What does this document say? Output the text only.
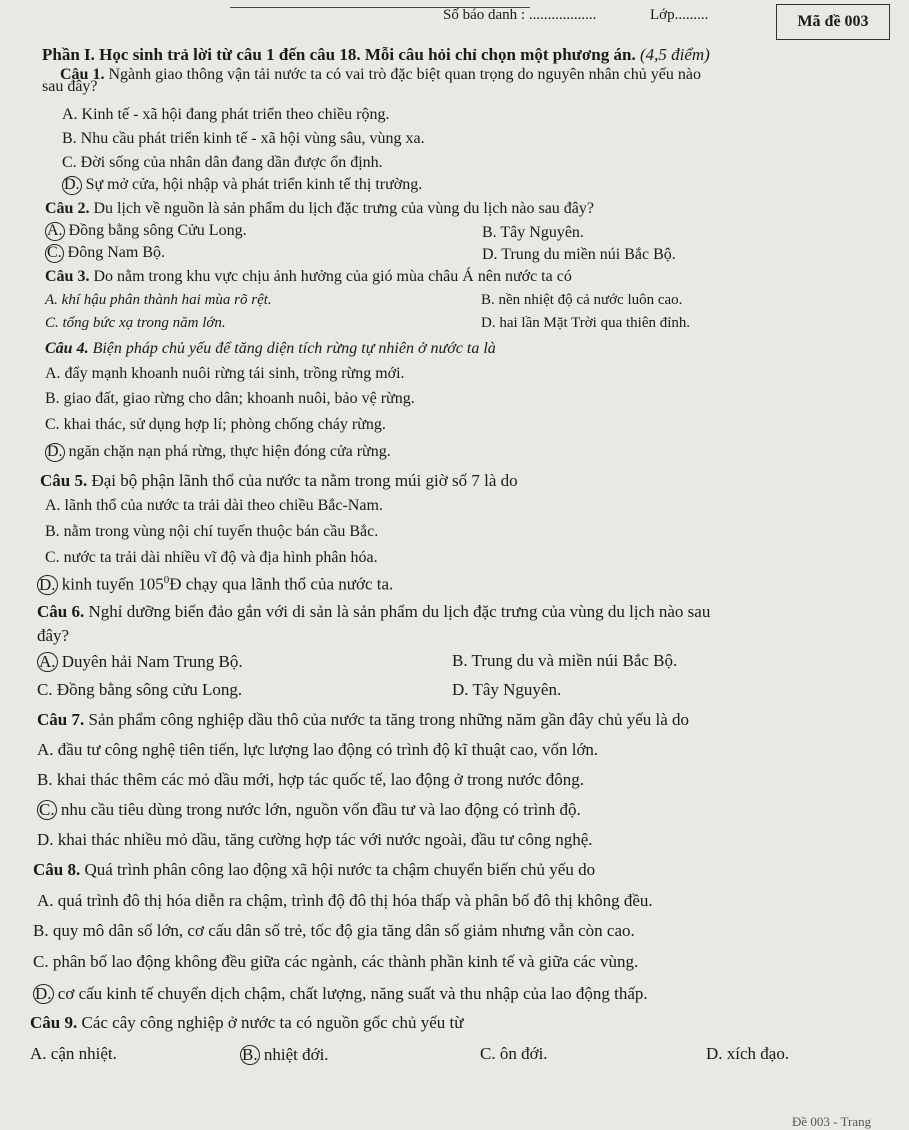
Số báo danh : ..................	Lớp.........	Mã đề 003
Phần I. Học sinh trả lời từ câu 1 đến câu 18. Mỗi câu hỏi chỉ chọn một phương án. (4,5 điểm)
Câu 1. Ngành giao thông vận tải nước ta có vai trò đặc biệt quan trọng do nguyên nhân chủ yếu nào
sau đây?
A. Kinh tế - xã hội đang phát triển theo chiều rộng.
B. Nhu cầu phát triển kinh tế - xã hội vùng sâu, vùng xa.
C. Đời sống của nhân dân đang dần được ổn định.
D. Sự mở cửa, hội nhập và phát triển kinh tế thị trường.
Câu 2. Du lịch về nguồn là sản phẩm du lịch đặc trưng của vùng du lịch nào sau đây?
A. Đồng bằng sông Cửu Long.	B. Tây Nguyên.
C. Đông Nam Bộ.	D. Trung du miền núi Bắc Bộ.
Câu 3. Do nằm trong khu vực chịu ảnh hưởng của gió mùa châu Á nên nước ta có
A. khí hậu phân thành hai mùa rõ rệt.	B. nền nhiệt độ cả nước luôn cao.
C. tổng bức xạ trong năm lớn.	D. hai lần Mặt Trời qua thiên đỉnh.
Câu 4. Biện pháp chủ yếu để tăng diện tích rừng tự nhiên ở nước ta là
A. đẩy mạnh khoanh nuôi rừng tái sinh, trồng rừng mới.
B. giao đất, giao rừng cho dân; khoanh nuôi, bảo vệ rừng.
C. khai thác, sử dụng hợp lí; phòng chống cháy rừng.
D. ngăn chặn nạn phá rừng, thực hiện đóng cửa rừng.
Câu 5. Đại bộ phận lãnh thổ của nước ta nằm trong múi giờ số 7 là do
A. lãnh thổ của nước ta trải dài theo chiều Bắc-Nam.
B. nằm trong vùng nội chí tuyến thuộc bán cầu Bắc.
C. nước ta trải dài nhiều vĩ độ và địa hình phân hóa.
D. kinh tuyến $105^0Đ$ chạy qua lãnh thổ của nước ta.
Câu 6. Nghỉ dưỡng biển đảo gắn với di sản là sản phẩm du lịch đặc trưng của vùng du lịch nào sau
đây?
A. Duyên hải Nam Trung Bộ.	B. Trung du và miền núi Bắc Bộ.
C. Đồng bằng sông cửu Long.	D. Tây Nguyên.
Câu 7. Sản phẩm công nghiệp dầu thô của nước ta tăng trong những năm gần đây chủ yếu là do
A. đầu tư công nghệ tiên tiến, lực lượng lao động có trình độ kĩ thuật cao, vốn lớn.
B. khai thác thêm các mỏ dầu mới, hợp tác quốc tế, lao động ở trong nước đông.
C. nhu cầu tiêu dùng trong nước lớn, nguồn vốn đầu tư và lao động có trình độ.
D. khai thác nhiều mỏ dầu, tăng cường hợp tác với nước ngoài, đầu tư công nghệ.
Câu 8. Quá trình phân công lao động xã hội nước ta chậm chuyển biến chủ yếu do
A. quá trình đô thị hóa diễn ra chậm, trình độ đô thị hóa thấp và phân bố đô thị không đều.
B. quy mô dân số lớn, cơ cấu dân số trẻ, tốc độ gia tăng dân số giảm nhưng vẫn còn cao.
C. phân bố lao động không đều giữa các ngành, các thành phần kinh tế và giữa các vùng.
D. cơ cấu kinh tế chuyển dịch chậm, chất lượng, năng suất và thu nhập của lao động thấp.
Câu 9. Các cây công nghiệp ở nước ta có nguồn gốc chủ yếu từ
A. cận nhiệt.	B. nhiệt đới.	C. ôn đới.	D. xích đạo.
Đề 003 - Trang
